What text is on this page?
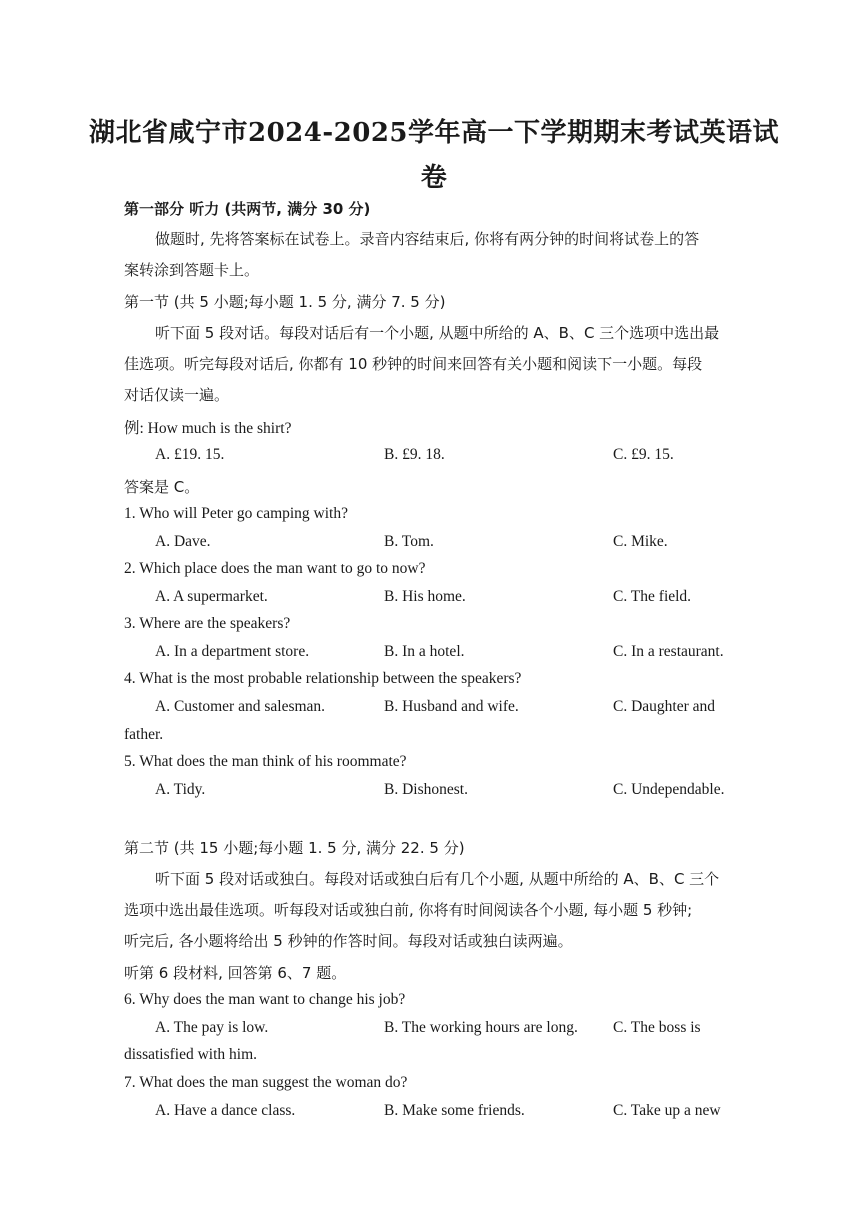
湖北省咸宁市2024-2025学年高一下学期期末考试英语试
卷
第一部分 听力 (共两节, 满分 30 分)
做题时, 先将答案标在试卷上。录音内容结束后, 你将有两分钟的时间将试卷上的答
案转涂到答题卡上。
第一节 (共 5 小题;每小题 1. 5 分, 满分 7. 5 分)
听下面 5 段对话。每段对话后有一个小题, 从题中所给的 A、B、C 三个选项中选出最
佳选项。听完每段对话后, 你都有 10 秒钟的时间来回答有关小题和阅读下一小题。每段
对话仅读一遍。
例: How much is the shirt?
A. £19. 15.	B. £9. 18.	C. £9. 15.
答案是 C。
1. Who will Peter go camping with?
A. Dave.	B. Tom.	C. Mike.
2. Which place does the man want to go to now?
A. A supermarket.	B. His home.	C. The field.
3. Where are the speakers?
A. In a department store.	B. In a hotel.	C. In a restaurant.
4. What is the most probable relationship between the speakers?
A. Customer and salesman.	B. Husband and wife.	C. Daughter and
father.
5. What does the man think of his roommate?
A. Tidy.	B. Dishonest.	C. Undependable.
第二节 (共 15 小题;每小题 1. 5 分, 满分 22. 5 分)
听下面 5 段对话或独白。每段对话或独白后有几个小题, 从题中所给的 A、B、C 三个
选项中选出最佳选项。听每段对话或独白前, 你将有时间阅读各个小题, 每小题 5 秒钟;
听完后, 各小题将给出 5 秒钟的作答时间。每段对话或独白读两遍。
听第 6 段材料, 回答第 6、7 题。
6. Why does the man want to change his job?
A. The pay is low.	B. The working hours are long. C. The boss is
dissatisfied with him.
7. What does the man suggest the woman do?
A. Have a dance class.	B. Make some friends.	C. Take up a new
